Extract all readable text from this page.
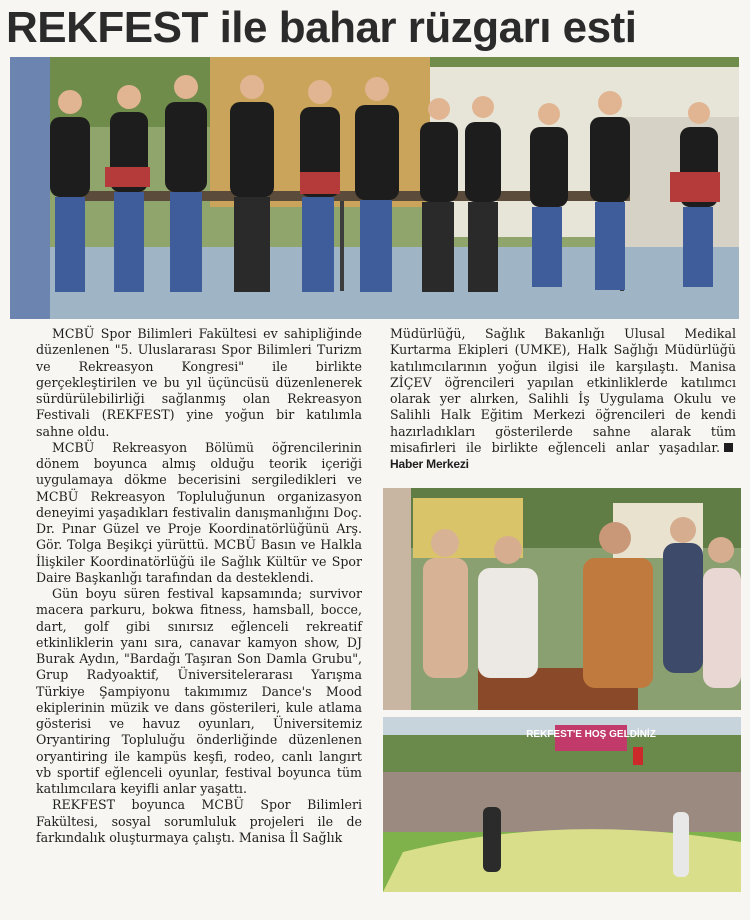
REKFEST ile bahar rüzgarı esti
REKFEST'E HOŞ GELDİNİZ

MCBÜ Spor Bilimleri Fakültesi ev sahipliğinde düzenlenen "5. Uluslararası Spor Bilimleri Turizm ve Rekreasyon Kongresi" ile birlikte gerçekleştirilen ve bu yıl üçüncüsü düzenlenerek sürdürülebilirliği sağlanmış olan Rekreasyon Festivali (REKFEST) yine yoğun bir katılımla sahne oldu.

MCBÜ Rekreasyon Bölümü öğrencilerinin dönem boyunca almış olduğu teorik içeriği uygulamaya dökme becerisini sergiledikleri ve MCBÜ Rekreasyon Topluluğunun organizasyon deneyimi yaşadıkları festivalin danışmanlığını Doç. Dr. Pınar Güzel ve Proje Koordinatörlüğünü Arş. Gör. Tolga Beşikçi yürüttü. MCBÜ Basın ve Halkla İlişkiler Koordinatörlüğü ile Sağlık Kültür ve Spor Daire Başkanlığı tarafından da desteklendi.

Gün boyu süren festival kapsamında; survivor macera parkuru, bokwa fitness, hamsball, bocce, dart, golf gibi sınırsız eğlenceli rekreatif etkinliklerin yanı sıra, canavar kamyon show, DJ Burak Aydın, "Bardağı Taşıran Son Damla Grubu", Grup Radyoaktif, Üniversitelerarası Yarışma Türkiye Şampiyonu takımımız Dance's Mood ekiplerinin müzik ve dans gösterileri, kule atlama gösterisi ve havuz oyunları, Üniversitemiz Oryantiring Topluluğu önderliğinde düzenlenen oryantiring ile kampüs keşfi, rodeo, canlı langırt vb sportif eğlenceli oyunlar, festival boyunca tüm katılımcılara keyifli anlar yaşattı.

REKFEST boyunca MCBÜ Spor Bilimleri Fakültesi, sosyal sorumluluk projeleri ile de farkındalık oluşturmaya çalıştı. Manisa İl Sağlık

Müdürlüğü, Sağlık Bakanlığı Ulusal Medikal Kurtarma Ekipleri (UMKE), Halk Sağlığı Müdürlüğü katılımcılarının yoğun ilgisi ile karşılaştı. Manisa ZİÇEV öğrencileri yapılan etkinliklerde katılımcı olarak yer alırken, Salihli İş Uygulama Okulu ve Salihli Halk Eğitim Merkezi öğrencileri de kendi hazırladıkları gösterilerde sahne alarak tüm misafirleri ile birlikte eğlenceli anlar yaşadılar.Haber Merkezi
